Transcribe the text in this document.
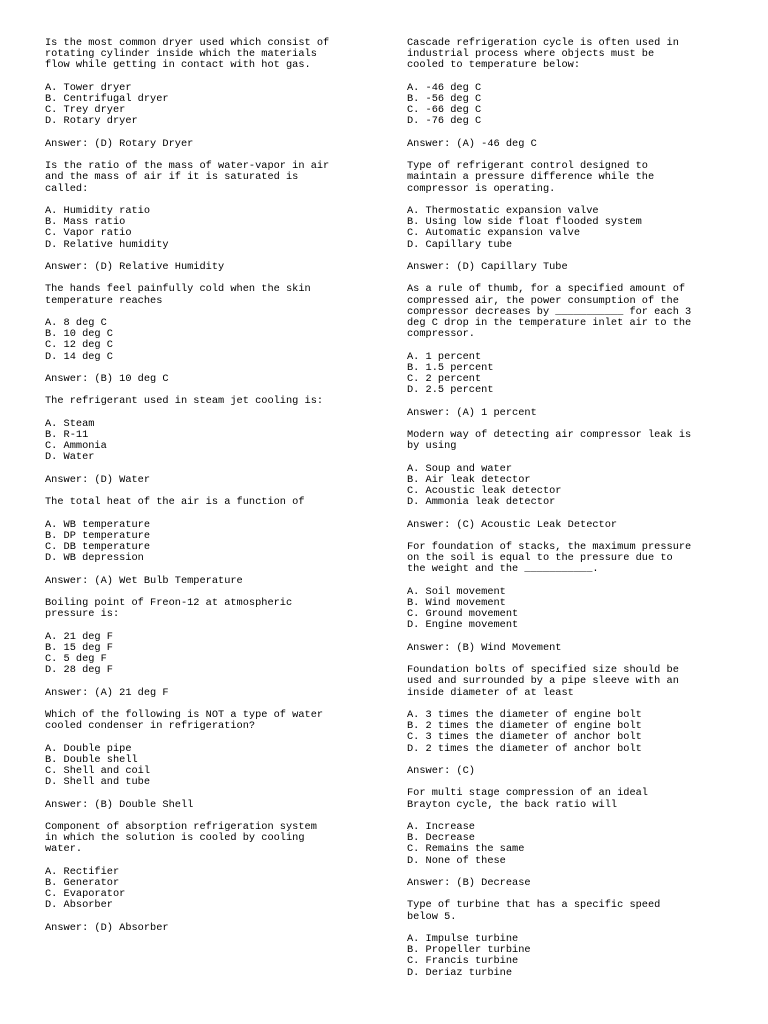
Is the most common dryer used which consist of
rotating cylinder inside which the materials
flow while getting in contact with hot gas.
A. Tower dryer
B. Centrifugal dryer
C. Trey dryer
D. Rotary dryer
Answer: (D) Rotary Dryer
Is the ratio of the mass of water-vapor in air
and the mass of air if it is saturated is
called:
A. Humidity ratio
B. Mass ratio
C. Vapor ratio
D. Relative humidity
Answer: (D) Relative Humidity
The hands feel painfully cold when the skin
temperature reaches
A. 8 deg C
B. 10 deg C
C. 12 deg C
D. 14 deg C
Answer: (B) 10 deg C
The refrigerant used in steam jet cooling is:
A. Steam
B. R-11
C. Ammonia
D. Water
Answer: (D) Water
The total heat of the air is a function of
A. WB temperature
B. DP temperature
C. DB temperature
D. WB depression
Answer: (A) Wet Bulb Temperature
Boiling point of Freon-12 at atmospheric
pressure is:
A. 21 deg F
B. 15 deg F
C. 5 deg F
D. 28 deg F
Answer: (A) 21 deg F
Which of the following is NOT a type of water
cooled condenser in refrigeration?
A. Double pipe
B. Double shell
C. Shell and coil
D. Shell and tube
Answer: (B) Double Shell
Component of absorption refrigeration system
in which the solution is cooled by cooling
water.
A. Rectifier
B. Generator
C. Evaporator
D. Absorber
Answer: (D) Absorber
Cascade refrigeration cycle is often used in
industrial process where objects must be
cooled to temperature below:
A. -46 deg C
B. -56 deg C
C. -66 deg C
D. -76 deg C
Answer: (A) -46 deg C
Type of refrigerant control designed to
maintain a pressure difference while the
compressor is operating.
A. Thermostatic expansion valve
B. Using low side float flooded system
C. Automatic expansion valve
D. Capillary tube
Answer: (D) Capillary Tube
As a rule of thumb, for a specified amount of
compressed air, the power consumption of the
compressor decreases by ___________ for each 3
deg C drop in the temperature inlet air to the
compressor.
A. 1 percent
B. 1.5 percent
C. 2 percent
D. 2.5 percent
Answer: (A) 1 percent
Modern way of detecting air compressor leak is
by using
A. Soup and water
B. Air leak detector
C. Acoustic leak detector
D. Ammonia leak detector
Answer: (C) Acoustic Leak Detector
For foundation of stacks, the maximum pressure
on the soil is equal to the pressure due to
the weight and the ___________.
A. Soil movement
B. Wind movement
C. Ground movement
D. Engine movement
Answer: (B) Wind Movement
Foundation bolts of specified size should be
used and surrounded by a pipe sleeve with an
inside diameter of at least
A. 3 times the diameter of engine bolt
B. 2 times the diameter of engine bolt
C. 3 times the diameter of anchor bolt
D. 2 times the diameter of anchor bolt
Answer: (C)
For multi stage compression of an ideal
Brayton cycle, the back ratio will
A. Increase
B. Decrease
C. Remains the same
D. None of these
Answer: (B) Decrease
Type of turbine that has a specific speed
below 5.
A. Impulse turbine
B. Propeller turbine
C. Francis turbine
D. Deriaz turbine
